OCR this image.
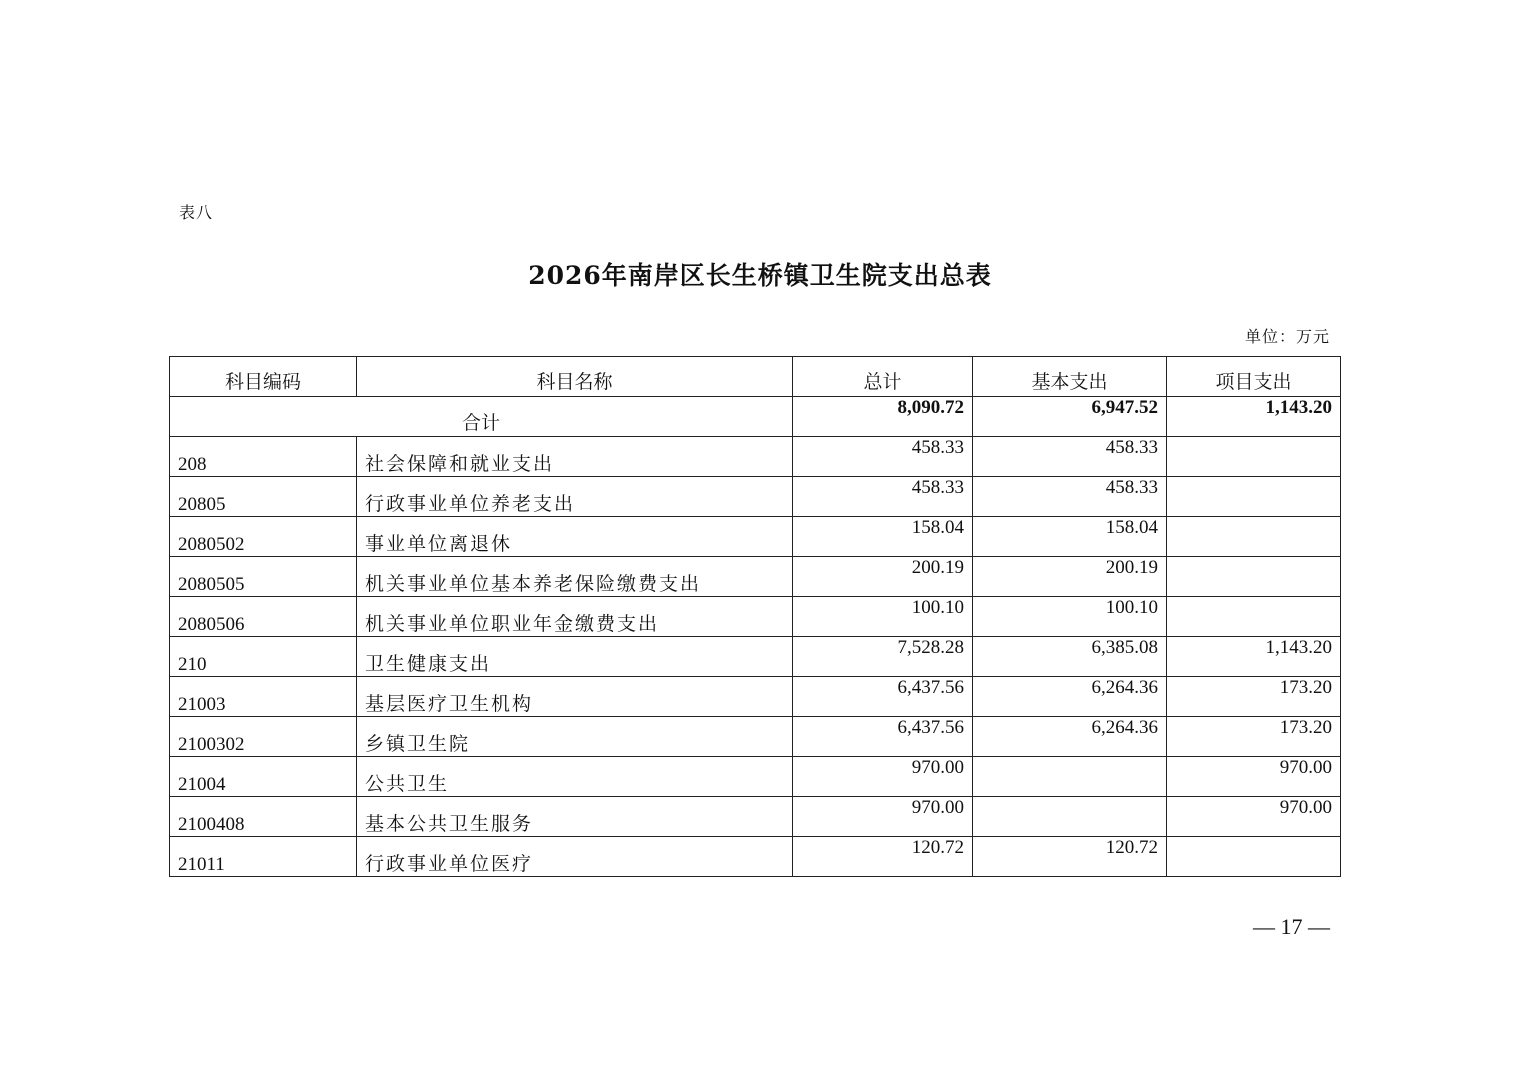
表八
2026年南岸区长生桥镇卫生院支出总表
单位：万元
科目编码	科目名称	总计	基本支出	项目支出
合计		8,090.72	6,947.52	1,143.20
208	社会保障和就业支出	458.33	458.33	
20805	行政事业单位养老支出	458.33	458.33	
2080502	事业单位离退休	158.04	158.04	
2080505	机关事业单位基本养老保险缴费支出	200.19	200.19	
2080506	机关事业单位职业年金缴费支出	100.10	100.10	
210	卫生健康支出	7,528.28	6,385.08	1,143.20
21003	基层医疗卫生机构	6,437.56	6,264.36	173.20
2100302	乡镇卫生院	6,437.56	6,264.36	173.20
21004	公共卫生	970.00		970.00
2100408	基本公共卫生服务	970.00		970.00
21011	行政事业单位医疗	120.72	120.72	
— 17 —
